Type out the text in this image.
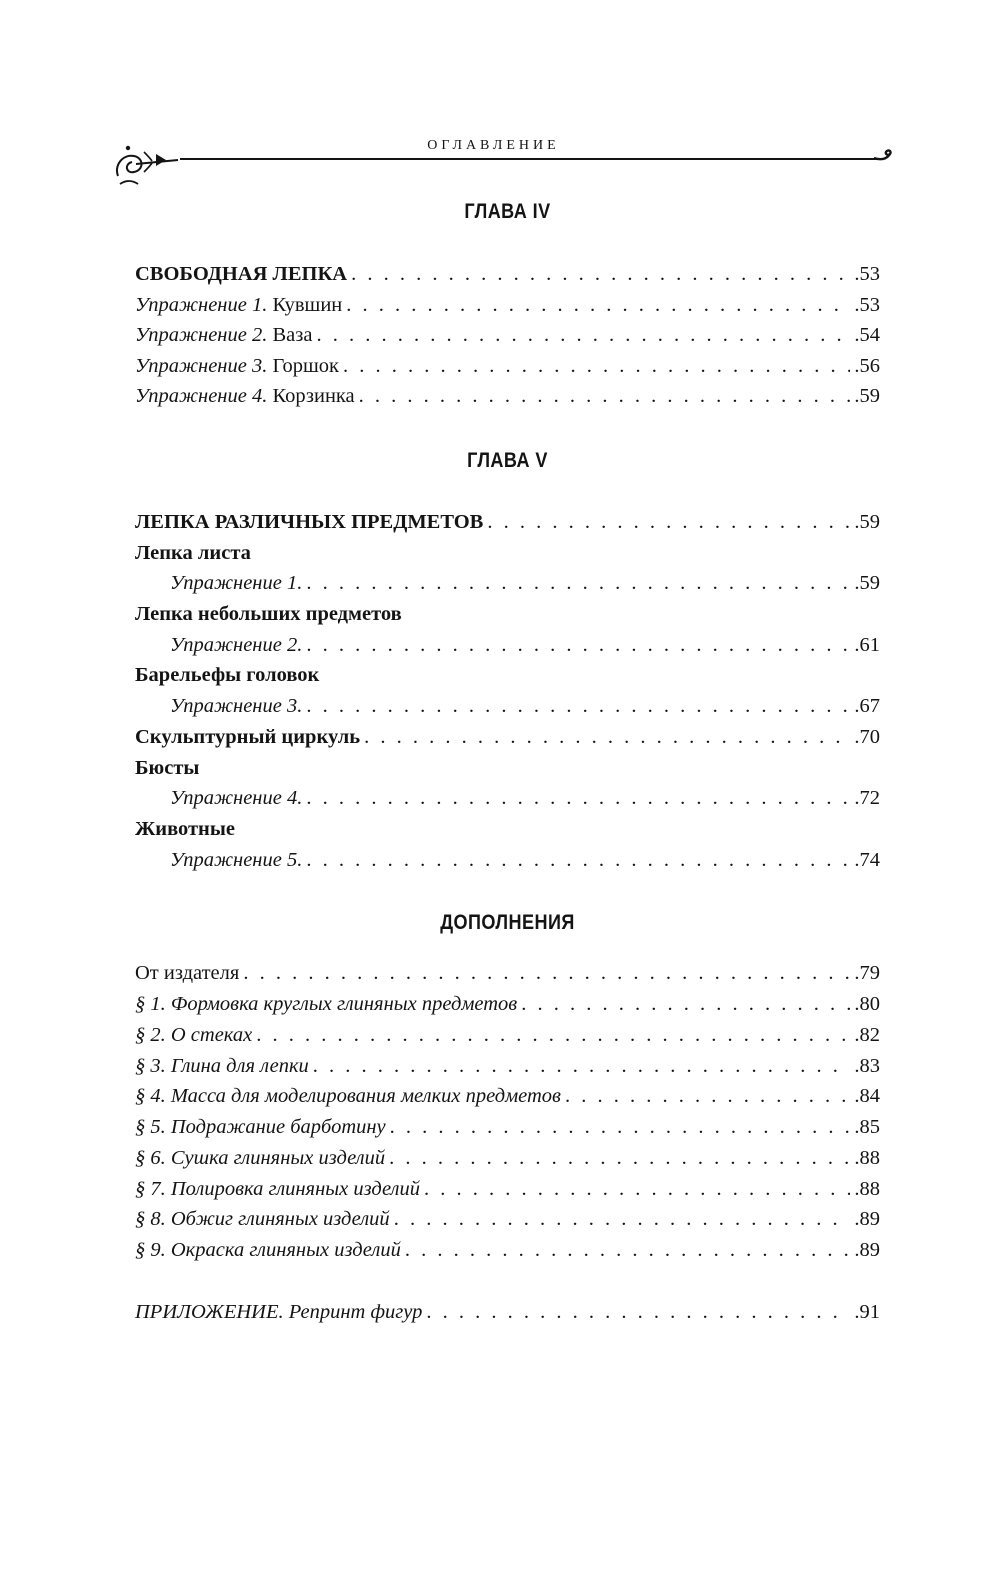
ОГЛАВЛЕНИЕ
ГЛАВА IV
СВОБОДНАЯ ЛЕПКА . . .	.53
Упражнение 1. Кувшин . . .	.53
Упражнение 2. Ваза . . .	.54
Упражнение 3. Горшок . . .	.56
Упражнение 4. Корзинка . . .	.59
ГЛАВА V
ЛЕПКА РАЗЛИЧНЫХ ПРЕДМЕТОВ . . .	.59
Лепка листа
Упражнение 1. . . .	.59
Лепка небольших предметов
Упражнение 2. . . .	.61
Барельефы головок
Упражнение 3. . . .	.67
Скульптурный циркуль . . .	.70
Бюсты
Упражнение 4. . . .	.72
Животные
Упражнение 5. . . .	.74
ДОПОЛНЕНИЯ
От издателя . . .	.79
§ 1. Формовка круглых глиняных предметов . . .	.80
§ 2. О стеках . . .	.82
§ 3. Глина для лепки . . .	.83
§ 4. Масса для моделирования мелких предметов . . .	.84
§ 5. Подражание барботину . . .	.85
§ 6. Сушка глиняных изделий . . .	.88
§ 7. Полировка глиняных изделий . . .	.88
§ 8. Обжиг глиняных изделий . . .	.89
§ 9. Окраска глиняных изделий . . .	.89
ПРИЛОЖЕНИЕ. Репринт фигур . . .	.91
